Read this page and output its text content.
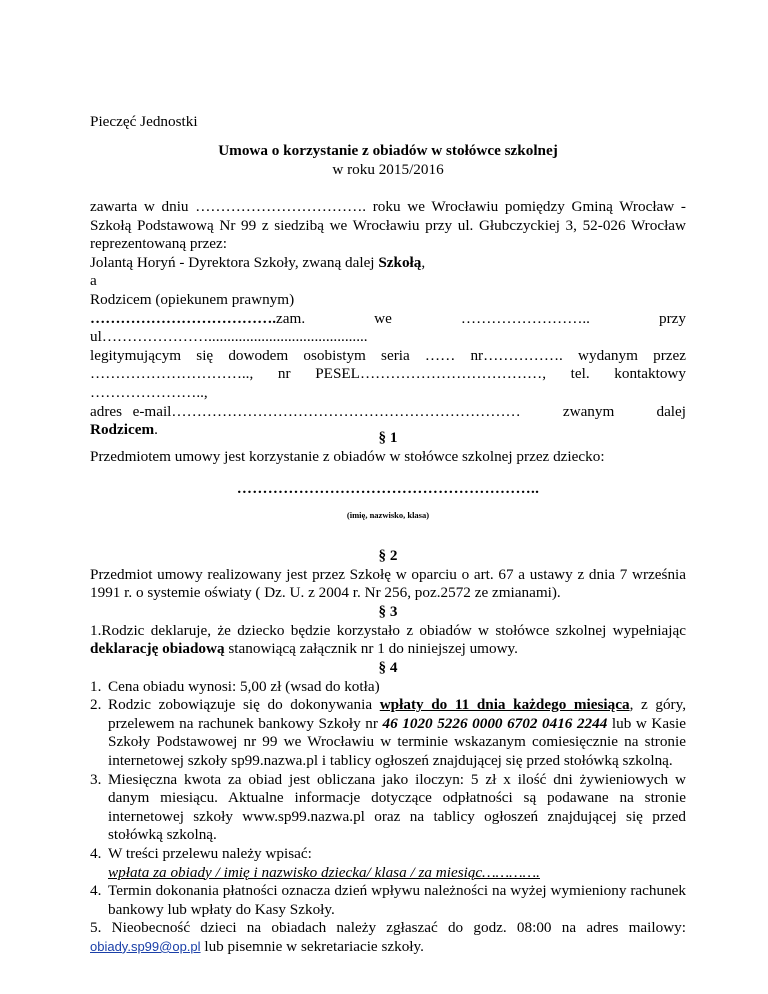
Pieczęć Jednostki
Umowa o korzystanie z obiadów w stołówce szkolnej
w roku 2015/2016
zawarta w dniu ……………………………. roku we Wrocławiu pomiędzy Gminą Wrocław -
Szkołą Podstawową Nr 99 z siedzibą we Wrocławiu przy ul. Głubczyckiej 3, 52-026 Wrocław
reprezentowaną przez:
Jolantą Horyń - Dyrektora Szkoły, zwaną dalej Szkołą,
a
Rodzicem (opiekunem prawnym)
……………………………….zam.          we          ……………………..          przy
ul…………………..........................................
legitymującym się dowodem osobistym seria …… nr……………. wydanym przez
………………………….., nr PESEL………………………………, tel. kontaktowy
…………………..,
adres e-mail……………………………………………………………    zwanym    dalej
Rodzicem.	§ 1
Przedmiotem umowy jest korzystanie z obiadów w stołówce szkolnej przez dziecko:
…………………………………………………..
(imię, nazwisko, klasa)
§ 2
Przedmiot umowy realizowany jest przez Szkołę w oparciu o art. 67 a ustawy z dnia 7 września 1991 r. o systemie oświaty ( Dz. U. z 2004 r. Nr 256, poz.2572 ze zmianami).
§ 3
1.Rodzic deklaruje, że dziecko będzie korzystało z obiadów w stołówce szkolnej wypełniając deklarację obiadową stanowiącą załącznik nr 1 do niniejszej umowy.
§ 4
1. Cena obiadu wynosi: 5,00 zł (wsad do kotła)
2. Rodzic zobowiązuje się do dokonywania wpłaty do 11 dnia każdego miesiąca, z góry, przelewem na rachunek bankowy Szkoły nr 46 1020 5226 0000 6702 0416 2244 lub w Kasie Szkoły Podstawowej nr 99 we Wrocławiu w terminie wskazanym comiesięcznie na stronie internetowej szkoły sp99.nazwa.pl i tablicy ogłoszeń znajdującej się przed stołówką szkolną.
3. Miesięczna kwota za obiad jest obliczana jako iloczyn: 5 zł x ilość dni żywieniowych w danym miesiącu. Aktualne informacje dotyczące odpłatności są podawane na stronie internetowej szkoły www.sp99.nazwa.pl oraz na tablicy ogłoszeń znajdującej się przed stołówką szkolną.
4. W treści przelewu należy wpisać:
wpłata za obiady / imię i nazwisko dziecka/ klasa / za miesiąc………….
4. Termin dokonania płatności oznacza dzień wpływu należności na wyżej wymieniony rachunek bankowy lub wpłaty do Kasy Szkoły.
5. Nieobecność dzieci na obiadach należy zgłaszać do godz. 08:00 na adres mailowy: obiady.sp99@op.pl lub pisemnie w sekretariacie szkoły.
